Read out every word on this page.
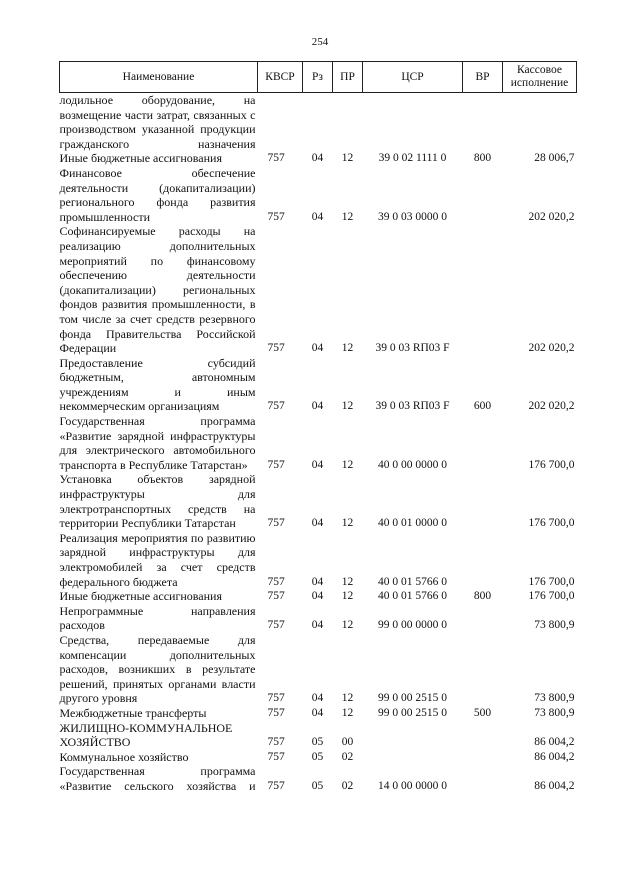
254
Наименование	КВСР	Рз	ПР	ЦСР	ВР	Кассовое исполнение
лодильное оборудование, на возмещение части затрат, связанных с производством указанной продукции гражданского назначения						
Иные бюджетные ассигнования	757	04	12	39 0 02 1111 0	800	28 006,7
Финансовое обеспечение деятельности (докапитализации) регионального фонда развития промышленности	757	04	12	39 0 03 0000 0		202 020,2
Софинансируемые расходы на реализацию дополнительных мероприятий по финансовому обеспечению деятельности (докапитализации) региональных фондов развития промышленности, в том числе за счет средств резервного фонда Правительства Российской Федерации	757	04	12	39 0 03 RП03 F		202 020,2
Предоставление субсидий бюджетным, автономным учреждениям и иным некоммерческим организациям	757	04	12	39 0 03 RП03 F	600	202 020,2
Государственная программа «Развитие зарядной инфраструктуры для электрического автомобильного транспорта в Республике Татарстан»	757	04	12	40 0 00 0000 0		176 700,0
Установка объектов зарядной инфраструктуры для электротранспортных средств на территории Республики Татарстан	757	04	12	40 0 01 0000 0		176 700,0
Реализация мероприятия по развитию зарядной инфраструктуры для электромобилей за счет средств федерального бюджета	757	04	12	40 0 01 5766 0		176 700,0
Иные бюджетные ассигнования	757	04	12	40 0 01 5766 0	800	176 700,0
Непрограммные направления расходов	757	04	12	99 0 00 0000 0		73 800,9
Средства, передаваемые для компенсации дополнительных расходов, возникших в результате решений, принятых органами власти другого уровня	757	04	12	99 0 00 2515 0		73 800,9
Межбюджетные трансферты	757	04	12	99 0 00 2515 0	500	73 800,9
ЖИЛИЩНО-КОММУНАЛЬНОЕ ХОЗЯЙСТВО	757	05	00			86 004,2
Коммунальное хозяйство	757	05	02			86 004,2
Государственная программа «Развитие сельского хозяйства и	757	05	02	14 0 00 0000 0		86 004,2
